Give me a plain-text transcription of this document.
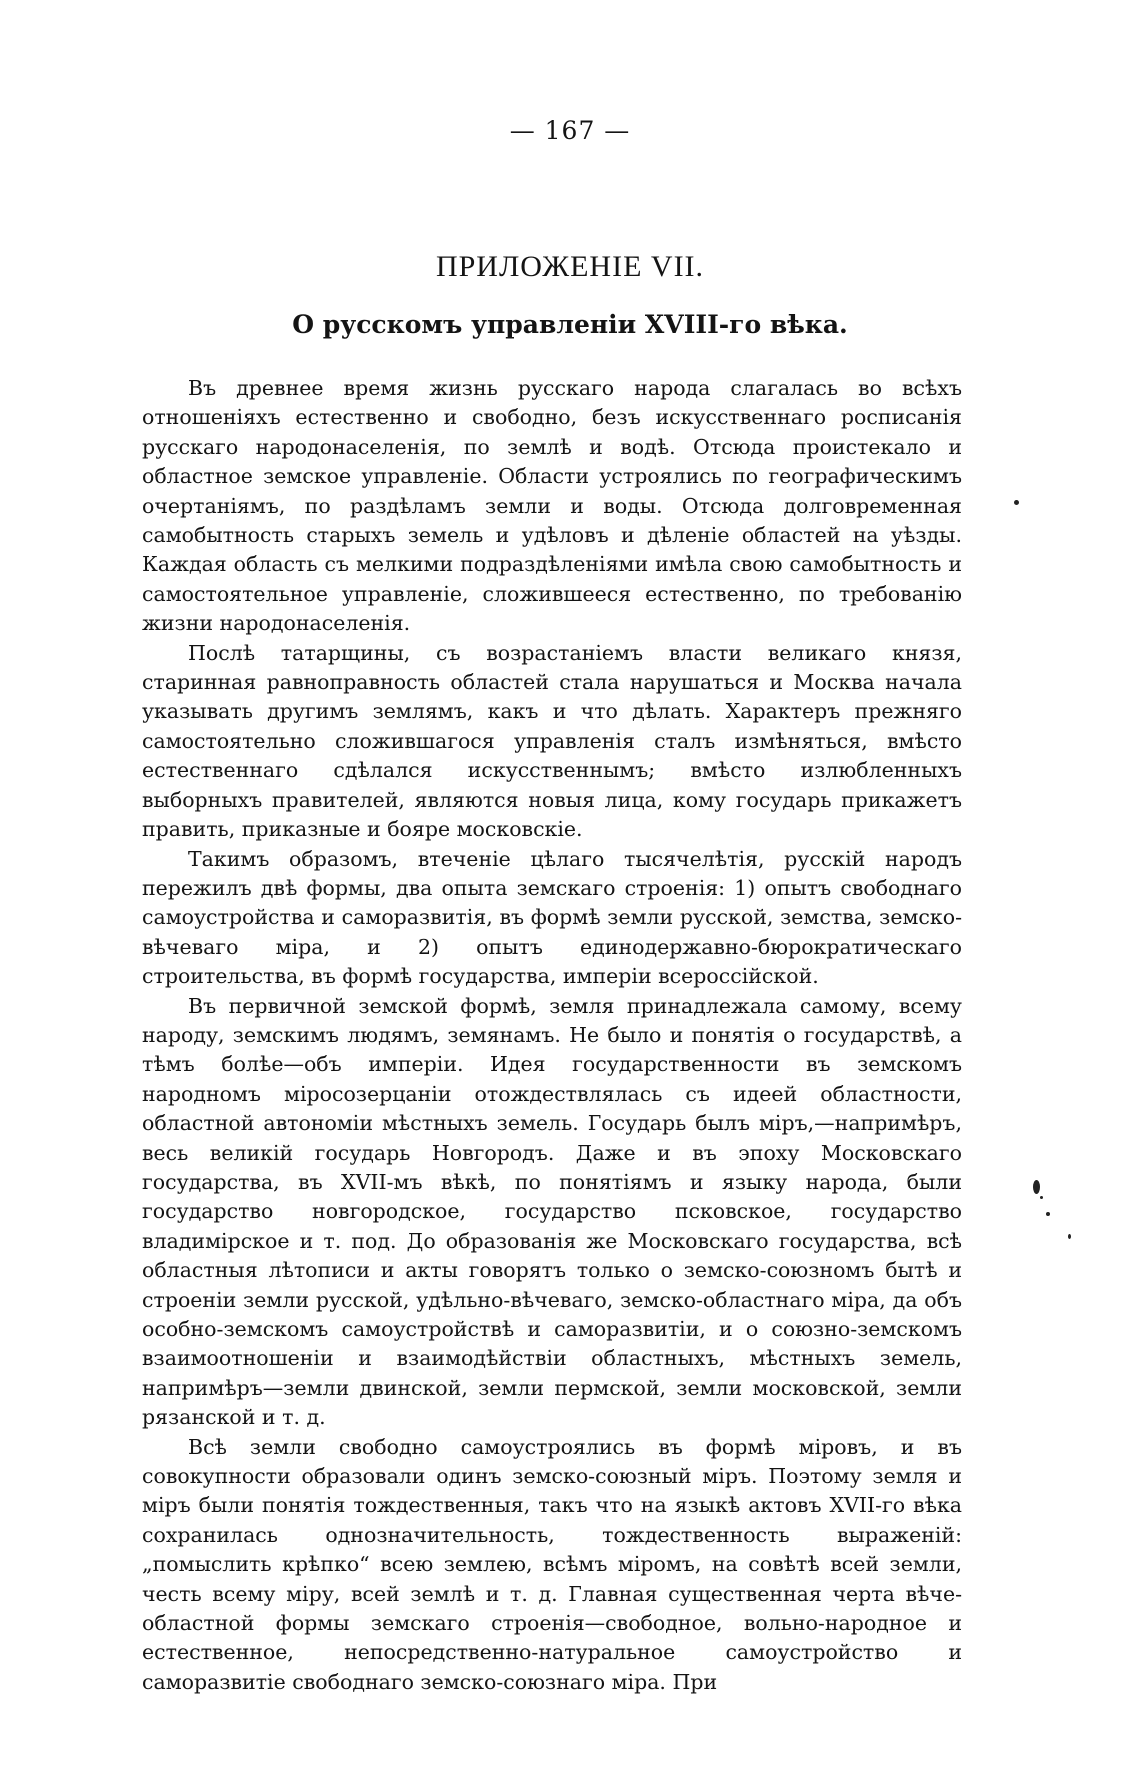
— 167 —
ПРИЛОЖЕНІЕ VII.
О русскомъ управленіи XVIII-го вѣка.

Въ древнее время жизнь русскаго народа слагалась во всѣхъ отношеніяхъ естественно и свободно, безъ искусственнаго росписанія русскаго народонаселенія, по землѣ и водѣ. Отсюда проистекало и областное земское управленіе. Области устроялись по географическимъ очертаніямъ, по раздѣламъ земли и воды. Отсюда долговременная самобытность старыхъ земель и удѣловъ и дѣленіе областей на уѣзды. Каждая область съ мелкими подраздѣленіями имѣла свою самобытность и самостоятельное управленіе, сложившееся естественно, по требованію жизни народонаселенія.

Послѣ татарщины, съ возрастаніемъ власти великаго князя, старинная равноправность областей стала нарушаться и Москва начала указывать другимъ землямъ, какъ и что дѣлать. Характеръ прежняго самостоятельно сложившагося управленія сталъ измѣняться, вмѣсто естественнаго сдѣлался искусственнымъ; вмѣсто излюбленныхъ выборныхъ правителей, являются новыя лица, кому государь прикажетъ править, приказные и бояре московскіе.

Такимъ образомъ, втеченіе цѣлаго тысячелѣтія, русскій народъ пережилъ двѣ формы, два опыта земскаго строенія: 1) опытъ свободнаго самоустройства и саморазвитія, въ формѣ земли русской, земства, земско-вѣчеваго міра, и 2) опытъ единодержавно-бюрократическаго строительства, въ формѣ государства, имперіи всероссійской.

Въ первичной земской формѣ, земля принадлежала самому, всему народу, земскимъ людямъ, земянамъ. Не было и понятія о государствѣ, а тѣмъ болѣе—объ имперіи. Идея государственности въ земскомъ народномъ міросозерцаніи отождествлялась съ идеей областности, областной автономіи мѣстныхъ земель. Государь былъ міръ,—напримѣръ, весь великій государь Новгородъ. Даже и въ эпоху Московскаго государства, въ XVII-мъ вѣкѣ, по понятіямъ и языку народа, были государство новгородское, государство псковское, государство владимірское и т. под. До образованія же Московскаго государства, всѣ областныя лѣтописи и акты говорятъ только о земско-союзномъ бытѣ и строеніи земли русской, удѣльно-вѣчеваго, земско-областнаго міра, да объ особно-земскомъ самоустройствѣ и саморазвитіи, и о союзно-земскомъ взаимоотношеніи и взаимодѣйствіи областныхъ, мѣстныхъ земель, напримѣръ—земли двинской, земли пермской, земли московской, земли рязанской и т. д.

Всѣ земли свободно самоустроялись въ формѣ міровъ, и въ совокупности образовали одинъ земско-союзный міръ. Поэтому земля и міръ были понятія тождественныя, такъ что на языкѣ актовъ XVII-го вѣка сохранилась однозначительность, тождественность выраженій: „помыслить крѣпко“ всею землею, всѣмъ міромъ, на совѣтѣ всей земли, честь всему міру, всей землѣ и т. д. Главная существенная черта вѣче-областной формы земскаго строенія—свободное, вольно-народное и естественное, непосредственно-натуральное самоустройство и саморазвитіе свободнаго земско-союзнаго міра. При
